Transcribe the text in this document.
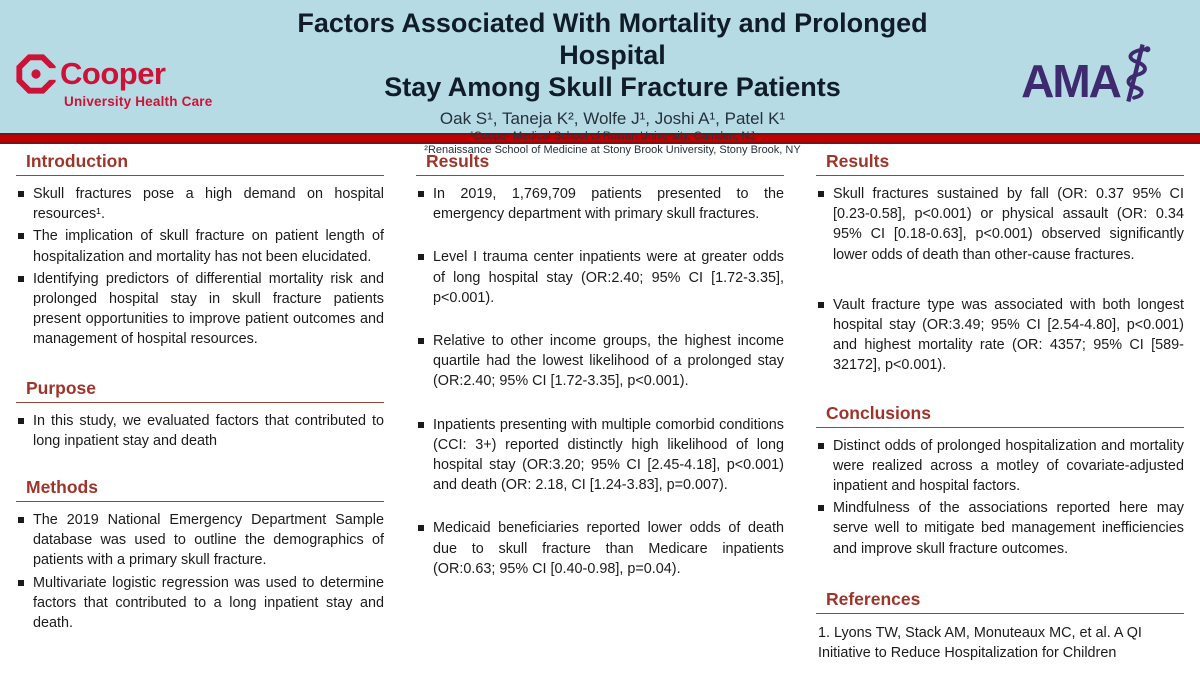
Cooper
University Health Care
Factors Associated With Mortality and Prolonged Hospital
Stay Among Skull Fracture Patients
Oak S¹, Taneja K², Wolfe J¹, Joshi A¹, Patel K¹
¹Cooper Medical School of Rowan University, Camden, NJ
²Renaissance School of Medicine at Stony Brook University, Stony Brook, NY
AMA
Introduction
Skull fractures pose a high demand on hospital resources¹.
The implication of skull fracture on patient length of hospitalization and mortality has not been elucidated.
Identifying predictors of differential mortality risk and prolonged hospital stay in skull fracture patients present opportunities to improve patient outcomes and management of hospital resources.
Purpose
In this study, we evaluated factors that contributed to long inpatient stay and death
Methods
The 2019 National Emergency Department Sample database was used to outline the demographics of patients with a primary skull fracture.
Multivariate logistic regression was used to determine factors that contributed to a long inpatient stay and death.
Results
In 2019, 1,769,709 patients presented to the emergency department with primary skull fractures.
Level I trauma center inpatients were at greater odds of long hospital stay (OR:2.40; 95% CI [1.72-3.35], p<0.001).
Relative to other income groups, the highest income quartile had the lowest likelihood of a prolonged stay (OR:2.40; 95% CI [1.72-3.35], p<0.001).
Inpatients presenting with multiple comorbid conditions (CCI: 3+) reported distinctly high likelihood of long hospital stay (OR:3.20; 95% CI [2.45-4.18], p<0.001) and death (OR: 2.18, CI [1.24-3.83], p=0.007).
Medicaid beneficiaries reported lower odds of death due to skull fracture than Medicare inpatients (OR:0.63; 95% CI [0.40-0.98], p=0.04).
Results
Skull fractures sustained by fall (OR: 0.37 95% CI [0.23-0.58], p<0.001) or physical assault (OR: 0.34 95% CI [0.18-0.63], p<0.001) observed significantly lower odds of death than other-cause fractures.
Vault fracture type was associated with both longest hospital stay (OR:3.49; 95% CI [2.54-4.80], p<0.001) and highest mortality rate (OR: 4357; 95% CI [589-32172], p<0.001).
Conclusions
Distinct odds of prolonged hospitalization and mortality were realized across a motley of covariate-adjusted inpatient and hospital factors.
Mindfulness of the associations reported here may serve well to mitigate bed management inefficiencies and improve skull fracture outcomes.
References
1. Lyons TW, Stack AM, Monuteaux MC, et al. A QI Initiative to Reduce Hospitalization for Children
